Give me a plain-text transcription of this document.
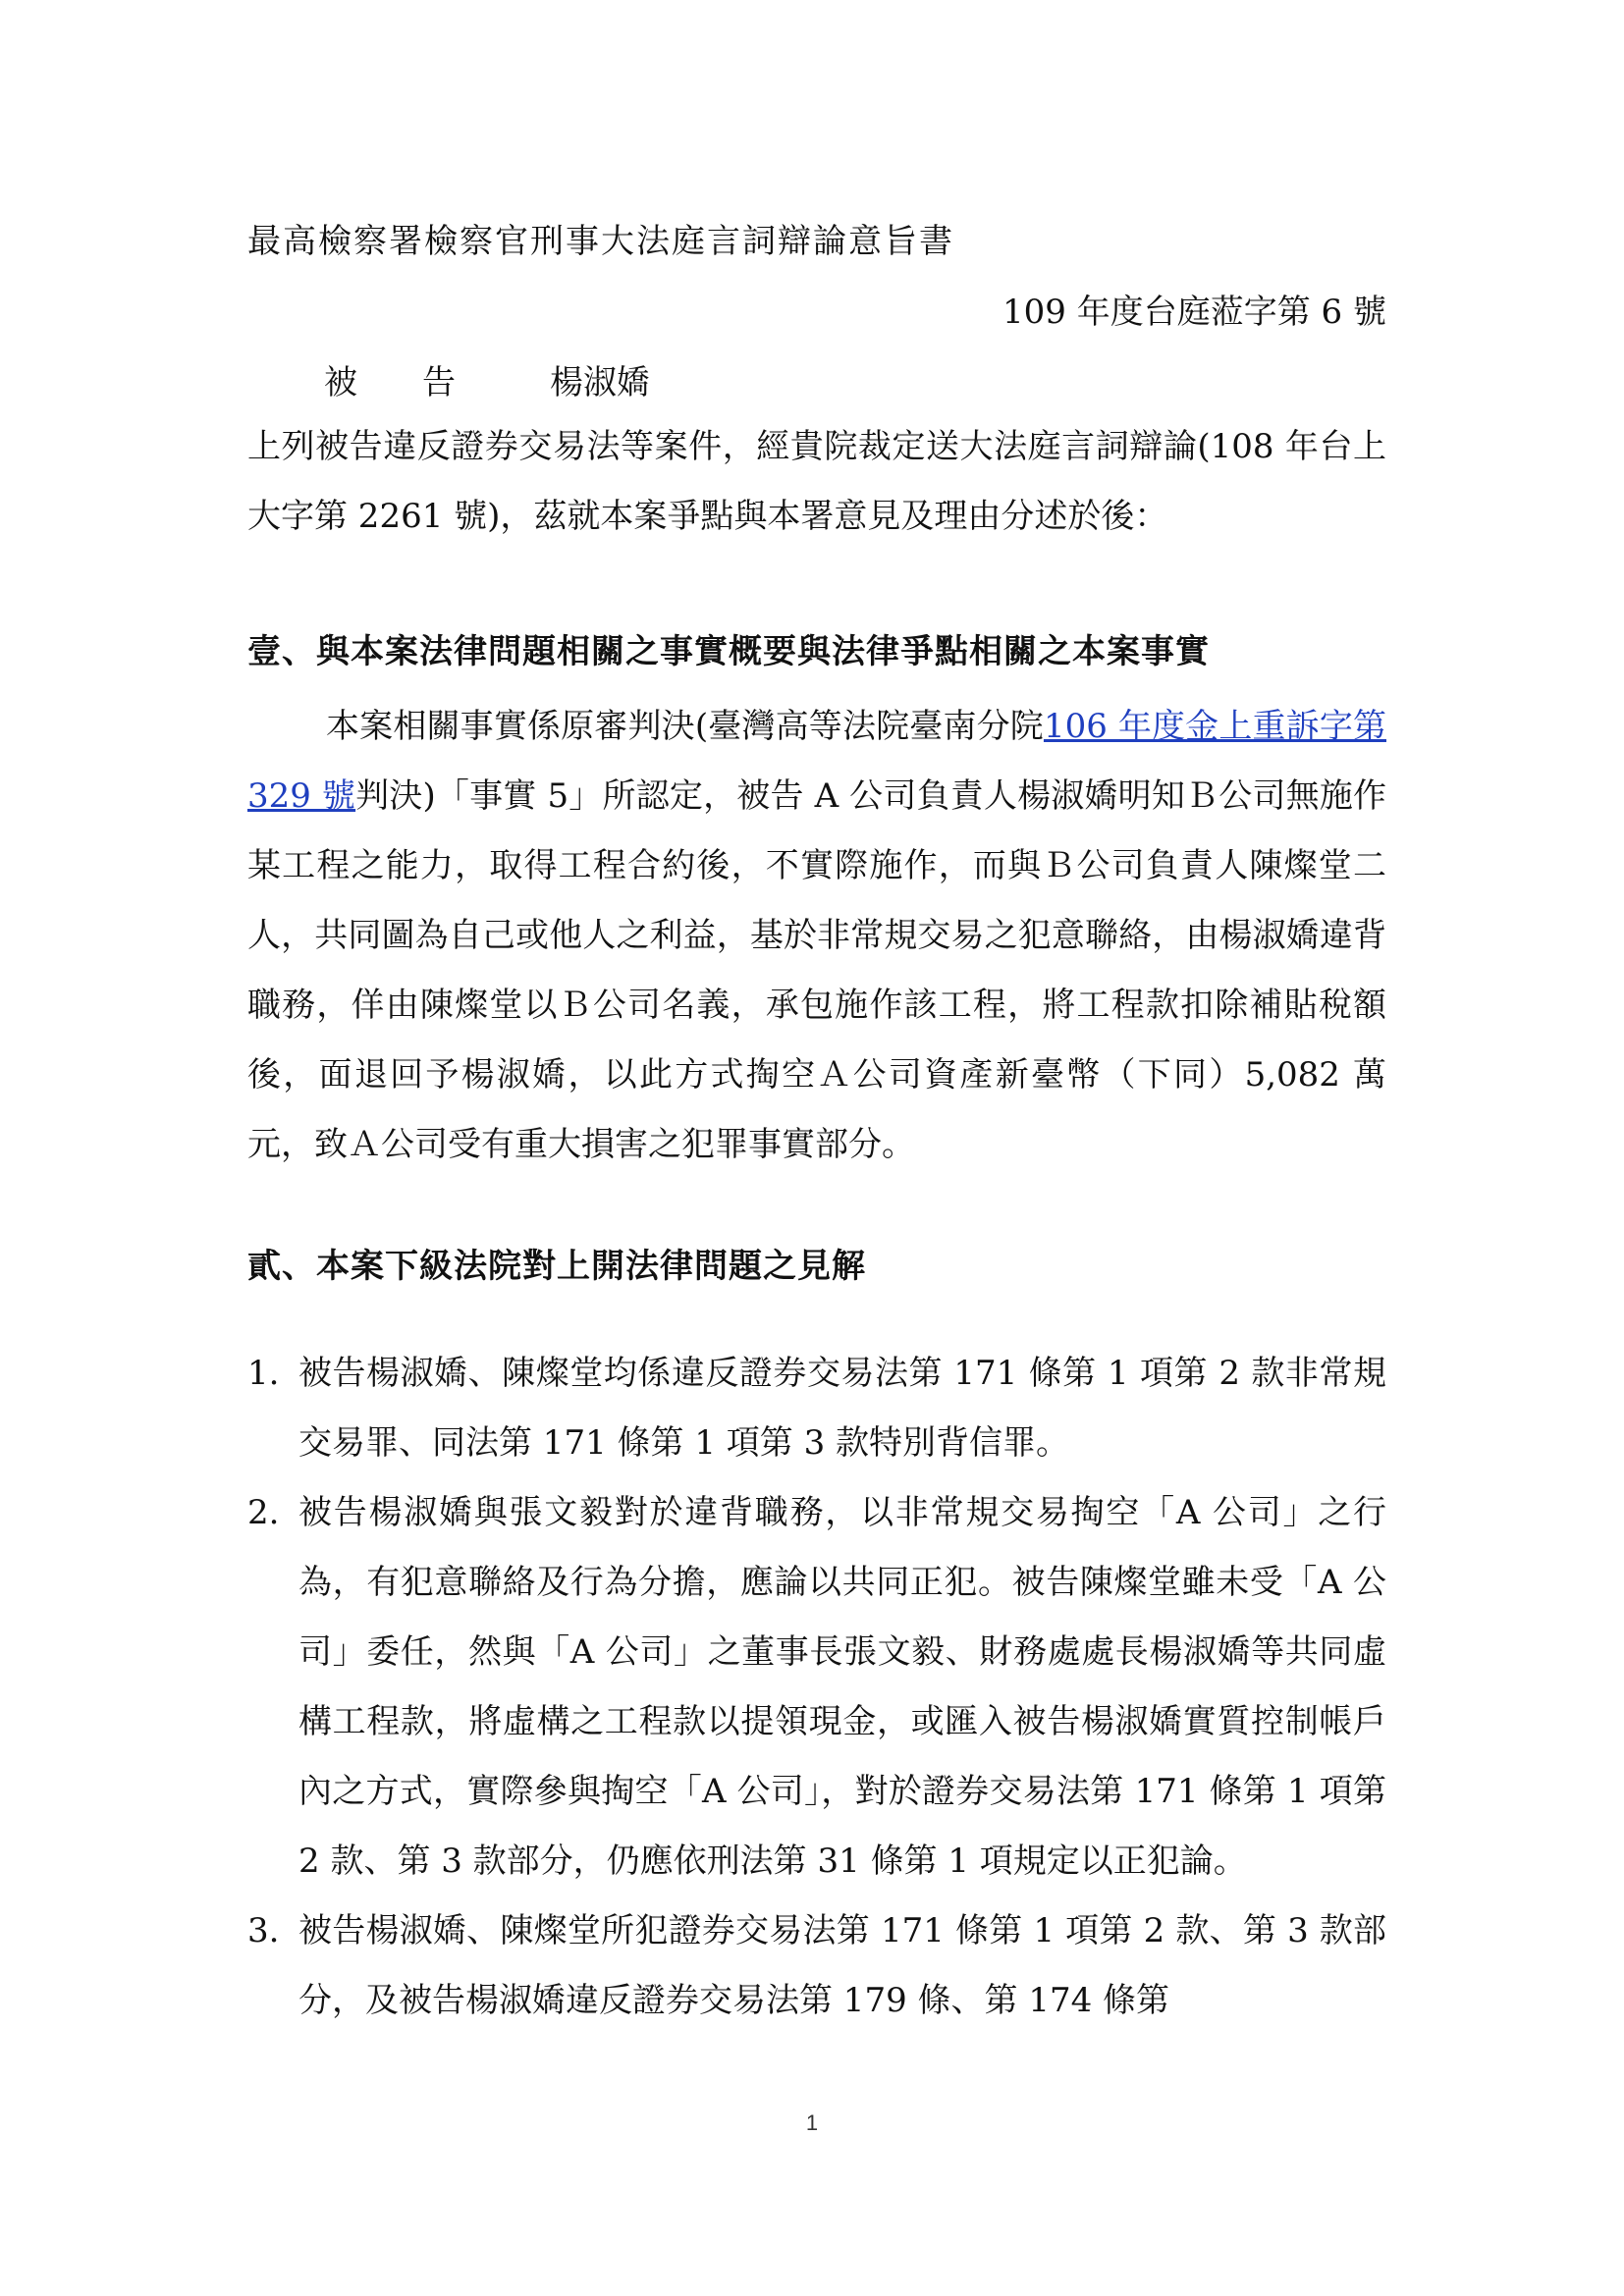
最高檢察署檢察官刑事大法庭言詞辯論意旨書
109 年度台庭蒞字第 6 號
被告 楊淑嬌
上列被告違反證券交易法等案件，經貴院裁定送大法庭言詞辯論(108 年台上大字第 2261 號)，茲就本案爭點與本署意見及理由分述於後：
壹、與本案法律問題相關之事實概要與法律爭點相關之本案事實
本案相關事實係原審判決(臺灣高等法院臺南分院106 年度金上重訴字第 329 號判決)「事實 5」所認定，被告 A 公司負責人楊淑嬌明知Ｂ公司無施作某工程之能力，取得工程合約後，不實際施作，而與Ｂ公司負責人陳燦堂二人，共同圖為自己或他人之利益，基於非常規交易之犯意聯絡，由楊淑嬌違背職務，佯由陳燦堂以Ｂ公司名義，承包施作該工程，將工程款扣除補貼稅額後，面退回予楊淑嬌，以此方式掏空Ａ公司資產新臺幣（下同）5,082 萬元，致Ａ公司受有重大損害之犯罪事實部分。
貳、本案下級法院對上開法律問題之見解
1. 被告楊淑嬌、陳燦堂均係違反證券交易法第 171 條第 1 項第 2 款非常規交易罪、同法第 171 條第 1 項第 3 款特別背信罪。
2. 被告楊淑嬌與張文毅對於違背職務，以非常規交易掏空「A 公司」之行為，有犯意聯絡及行為分擔，應論以共同正犯。被告陳燦堂雖未受「A 公司」委任，然與「A 公司」之董事長張文毅、財務處處長楊淑嬌等共同虛構工程款，將虛構之工程款以提領現金，或匯入被告楊淑嬌實質控制帳戶內之方式，實際參與掏空「A 公司」，對於證券交易法第 171 條第 1 項第 2 款、第 3 款部分，仍應依刑法第 31 條第 1 項規定以正犯論。
3. 被告楊淑嬌、陳燦堂所犯證券交易法第 171 條第 1 項第 2 款、第 3 款部分，及被告楊淑嬌違反證券交易法第 179 條、第 174 條第
1
